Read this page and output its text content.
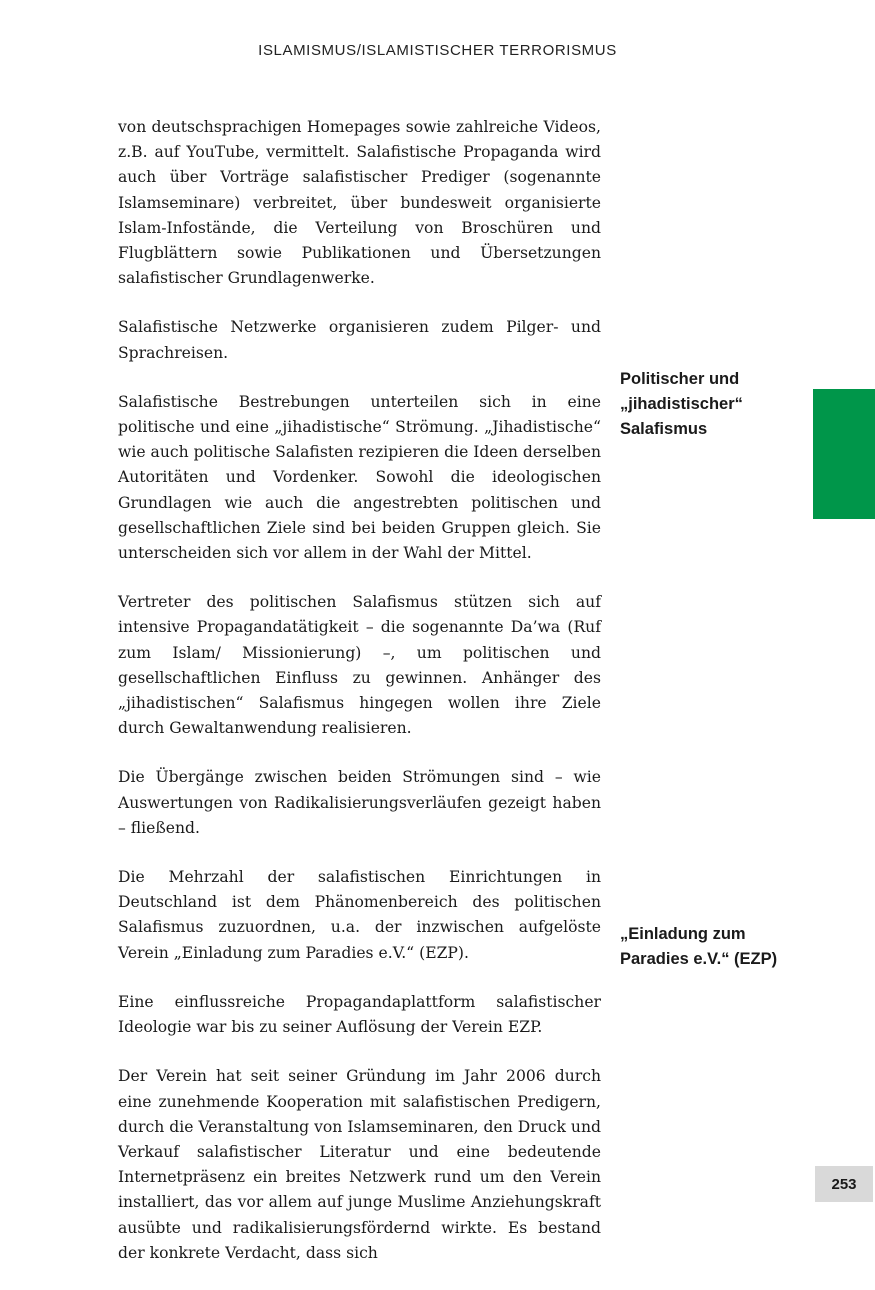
ISLAMISMUS/ISLAMISTISCHER TERRORISMUS

von deutschsprachigen Homepages sowie zahlreiche Videos, z.B. auf YouTube, vermittelt. Salafistische Propaganda wird auch über Vorträge salafistischer Prediger (sogenannte Islamseminare) verbreitet, über bundesweit organisierte Islam-Infostände, die Verteilung von Broschüren und Flugblättern sowie Publikationen und Übersetzungen salafistischer Grundlagenwerke.

Salafistische Netzwerke organisieren zudem Pilger- und Sprachreisen.

Salafistische Bestrebungen unterteilen sich in eine politische und eine „jihadistische“ Strömung. „Jihadistische“ wie auch politische Salafisten rezipieren die Ideen derselben Autoritäten und Vordenker. Sowohl die ideologischen Grundlagen wie auch die angestrebten politischen und gesellschaftlichen Ziele sind bei beiden Gruppen gleich. Sie unterscheiden sich vor allem in der Wahl der Mittel.

Vertreter des politischen Salafismus stützen sich auf intensive Propagandatätigkeit – die sogenannte Da’wa (Ruf zum Islam/ Missionierung) –, um politischen und gesellschaftlichen Einfluss zu gewinnen. Anhänger des „jihadistischen“ Salafismus hingegen wollen ihre Ziele durch Gewaltanwendung realisieren.

Die Übergänge zwischen beiden Strömungen sind – wie Auswertungen von Radikalisierungsverläufen gezeigt haben – fließend.

Die Mehrzahl der salafistischen Einrichtungen in Deutschland ist dem Phänomenbereich des politischen Salafismus zuzuordnen, u.a. der inzwischen aufgelöste Verein „Einladung zum Paradies e.V.“ (EZP).

Eine einflussreiche Propagandaplattform salafistischer Ideologie war bis zu seiner Auflösung der Verein EZP.

Der Verein hat seit seiner Gründung im Jahr 2006 durch eine zunehmende Kooperation mit salafistischen Predigern, durch die Veranstaltung von Islamseminaren, den Druck und Verkauf salafistischer Literatur und eine bedeutende Internetpräsenz ein breites Netzwerk rund um den Verein installiert, das vor allem auf junge Muslime Anziehungskraft ausübte und radikalisierungsfördernd wirkte. Es bestand der konkrete Verdacht, dass sich

Politischer und
„jihadistischer“
Salafismus
„Einladung zum
Paradies e.V.“ (EZP)
253
